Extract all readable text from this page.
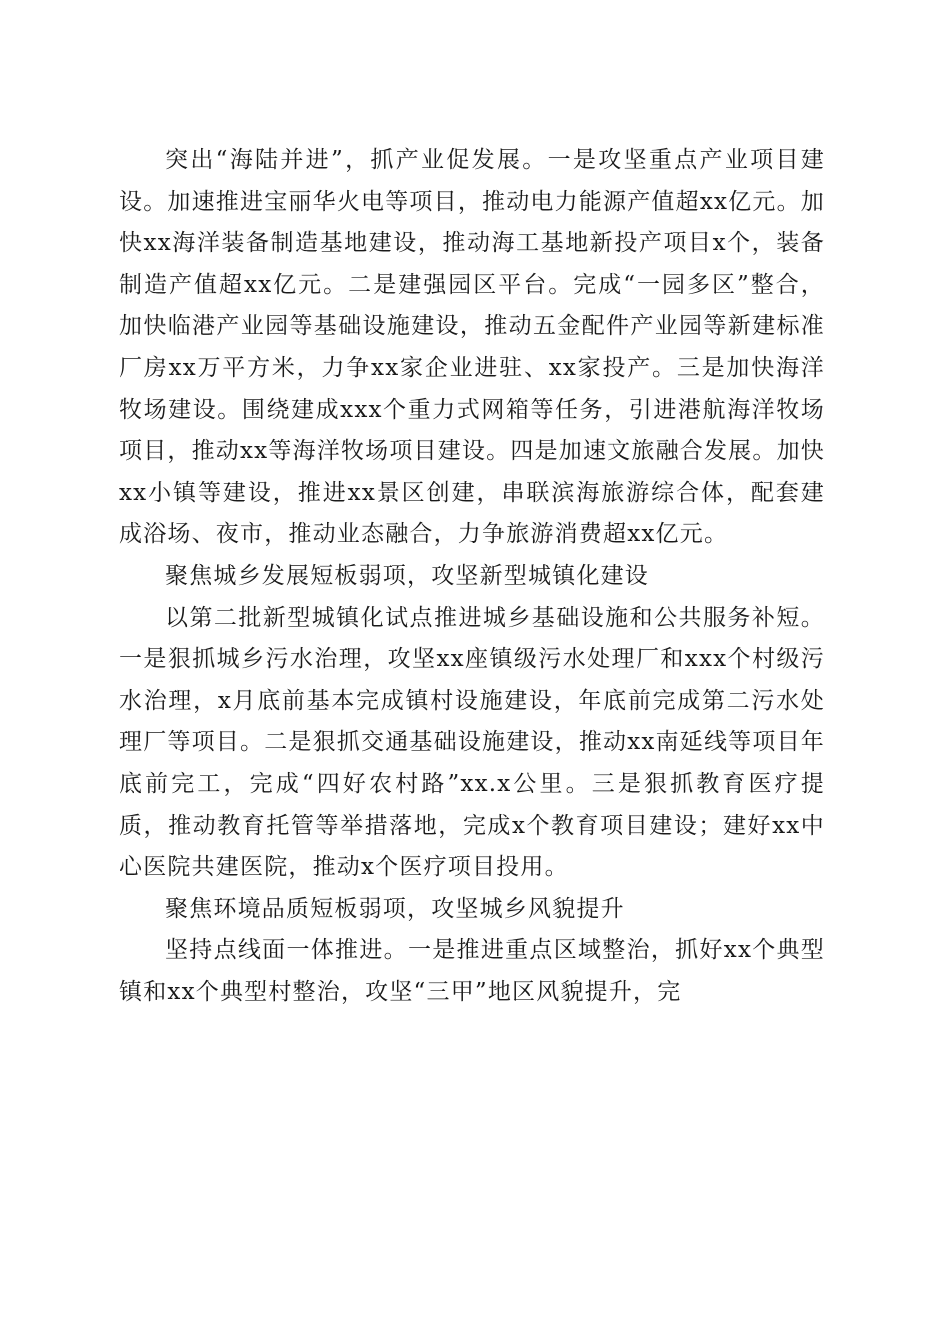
突出“海陆并进”，抓产业促发展。一是攻坚重点产业项目建设。加速推进宝丽华火电等项目，推动电力能源产值超xx亿元。加快xx海洋装备制造基地建设，推动海工基地新投产项目x个，装备制造产值超xx亿元。二是建强园区平台。完成“一园多区”整合，加快临港产业园等基础设施建设，推动五金配件产业园等新建标准厂房xx万平方米，力争xx家企业进驻、xx家投产。三是加快海洋牧场建设。围绕建成xxx个重力式网箱等任务，引进港航海洋牧场项目，推动xx等海洋牧场项目建设。四是加速文旅融合发展。加快xx小镇等建设，推进xx景区创建，串联滨海旅游综合体，配套建成浴场、夜市，推动业态融合，力争旅游消费超xx亿元。

聚焦城乡发展短板弱项，攻坚新型城镇化建设

以第二批新型城镇化试点推进城乡基础设施和公共服务补短。一是狠抓城乡污水治理，攻坚xx座镇级污水处理厂和xxx个村级污水治理，x月底前基本完成镇村设施建设，年底前完成第二污水处理厂等项目。二是狠抓交通基础设施建设，推动xx南延线等项目年底前完工，完成“四好农村路”xx.x公里。三是狠抓教育医疗提质，推动教育托管等举措落地，完成x个教育项目建设；建好xx中心医院共建医院，推动x个医疗项目投用。

聚焦环境品质短板弱项，攻坚城乡风貌提升

坚持点线面一体推进。一是推进重点区域整治，抓好xx个典型镇和xx个典型村整治，攻坚“三甲”地区风貌提升，完
